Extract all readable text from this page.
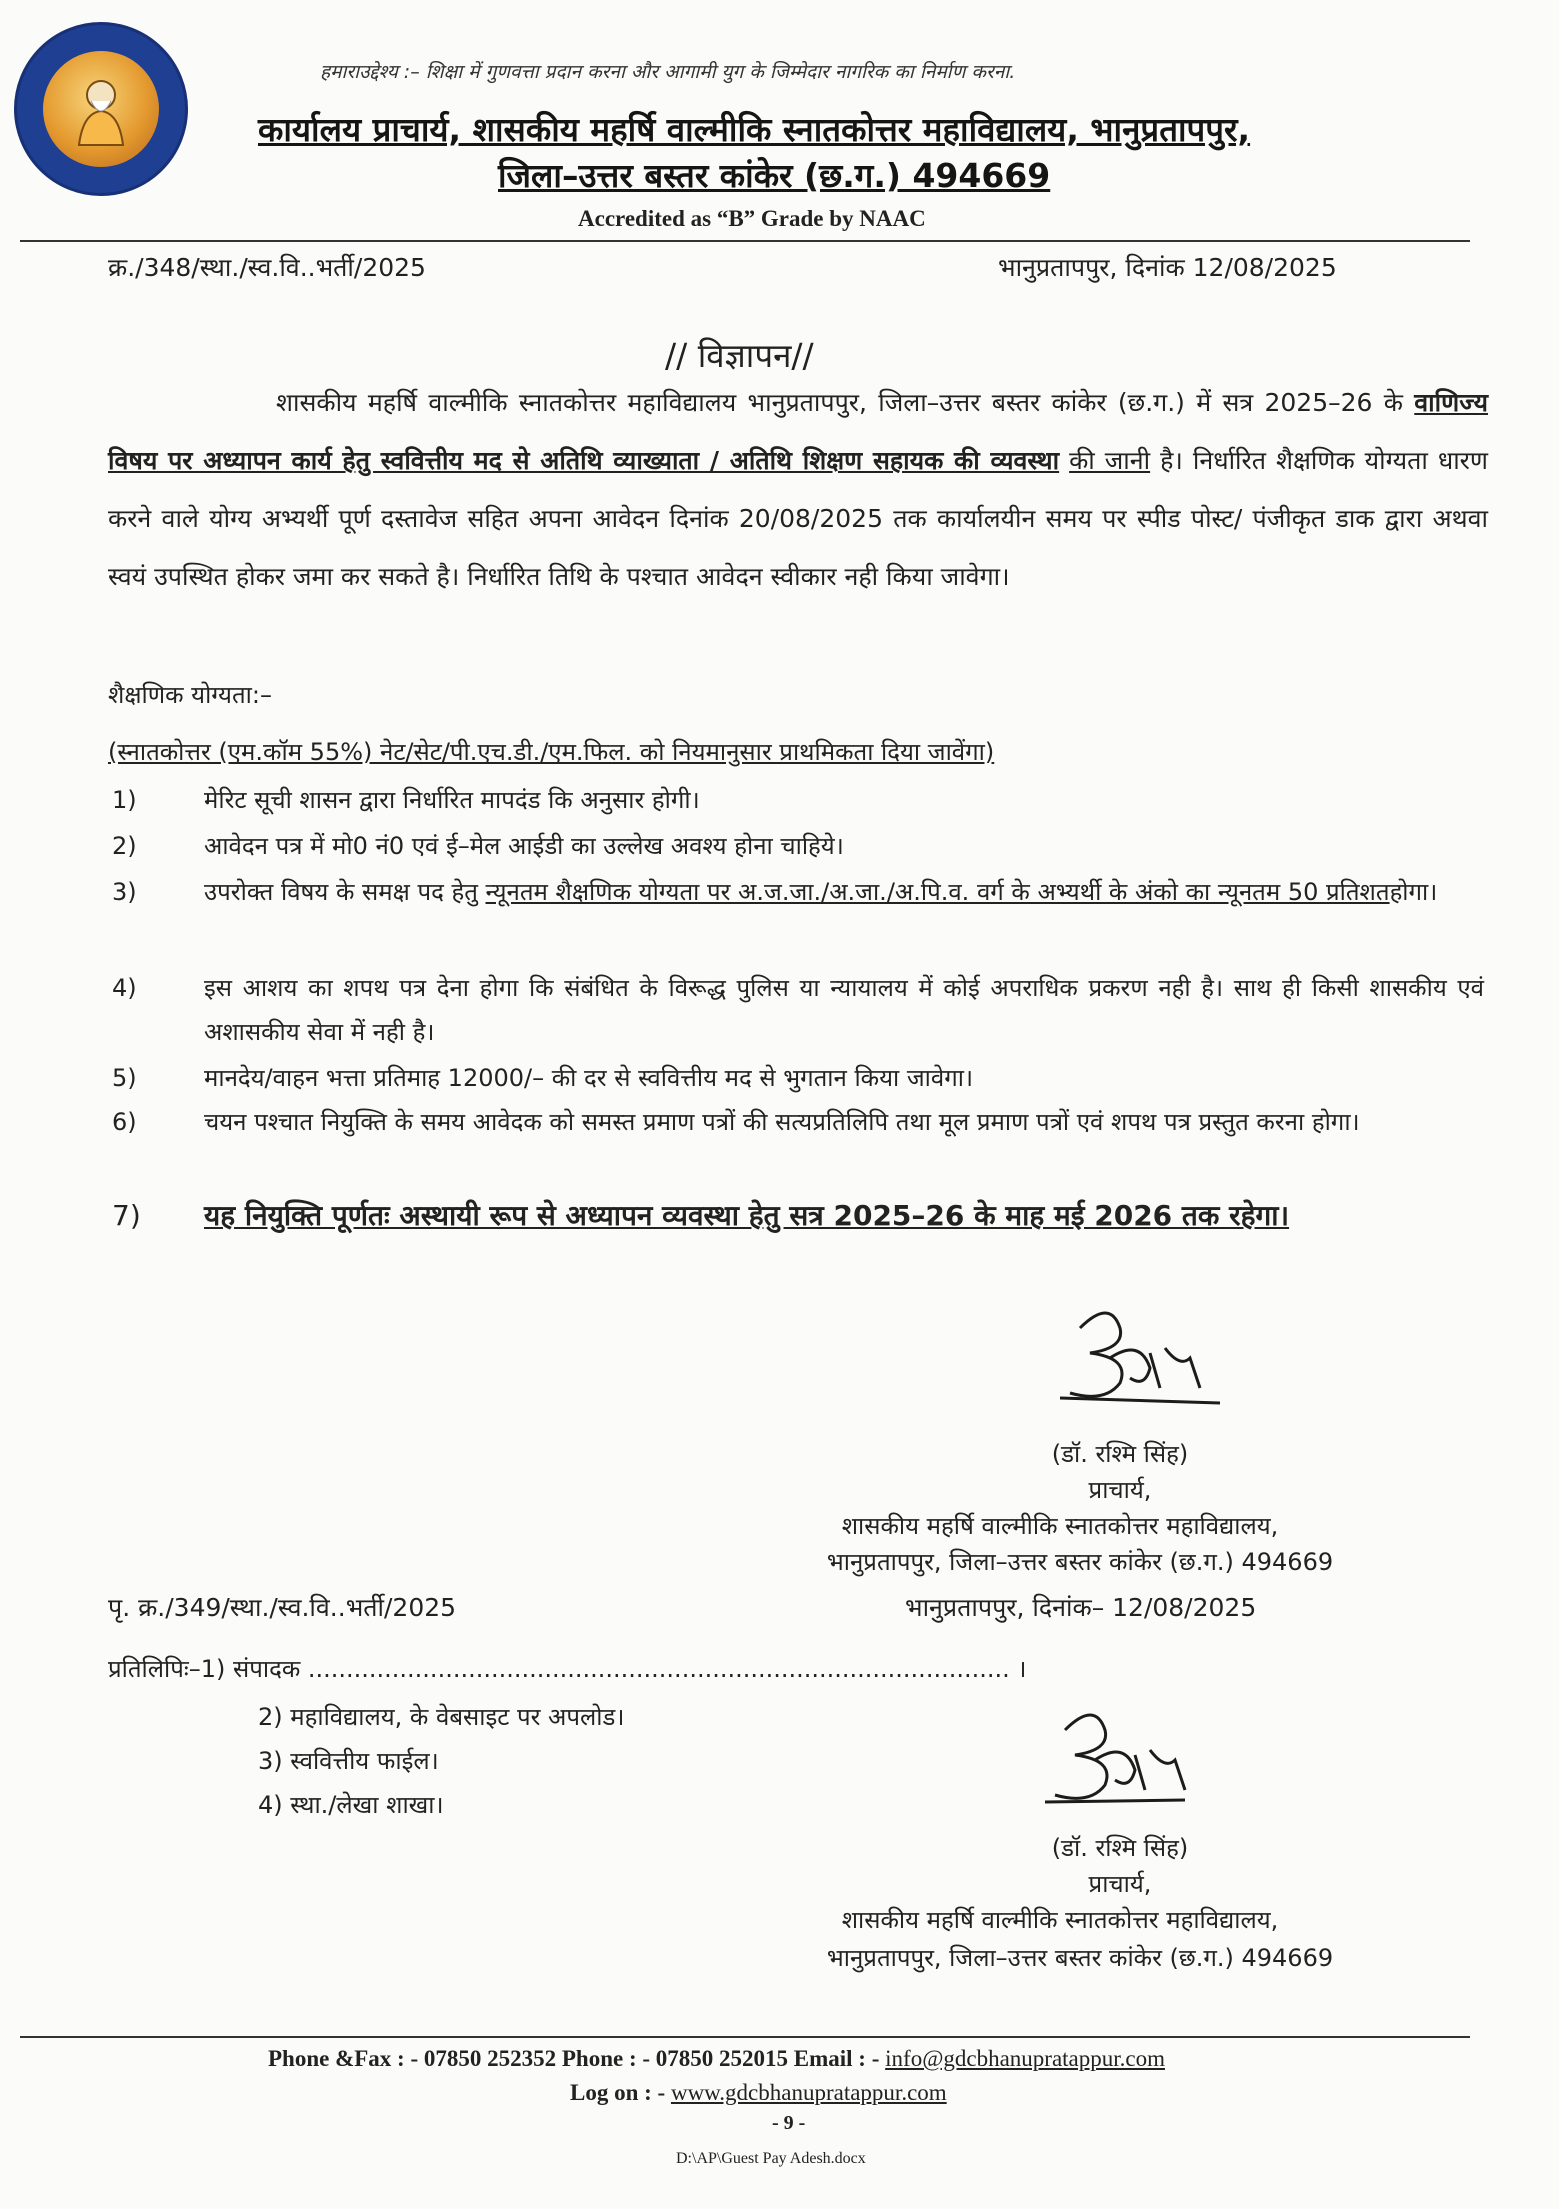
हमाराउद्देश्य :– शिक्षा में गुणवत्ता प्रदान करना और आगामी युग के जिम्मेदार नागरिक का निर्माण करना.
कार्यालय प्राचार्य, शासकीय महर्षि वाल्मीकि स्नातकोत्तर महाविद्यालय, भानुप्रतापपुर,
जिला–उत्तर बस्तर कांकेर (छ.ग.) 494669
Accredited as “B” Grade by NAAC
क्र./348/स्था./स्व.वि..भर्ती/2025	भानुप्रतापपुर, दिनांक 12/08/2025
// विज्ञापन//
शासकीय महर्षि वाल्मीकि स्नातकोत्तर महाविद्यालय भानुप्रतापपुर, जिला–उत्तर बस्तर कांकेर (छ.ग.) में सत्र 2025–26 के वाणिज्य विषय पर अध्यापन कार्य हेतु स्ववित्तीय मद से अतिथि व्याख्याता / अतिथि शिक्षण सहायक की व्यवस्था की जानी है। निर्धारित शैक्षणिक योग्यता धारण करने वाले योग्य अभ्यर्थी पूर्ण दस्तावेज सहित अपना आवेदन दिनांक 20/08/2025 तक कार्यालयीन समय पर स्पीड पोस्ट/ पंजीकृत डाक द्वारा अथवा स्वयं उपस्थित होकर जमा कर सकते है। निर्धारित तिथि के पश्चात आवेदन स्वीकार नही किया जावेगा।
शैक्षणिक योग्यता:–
(स्नातकोत्तर (एम.कॉम 55%) नेट/सेट/पी.एच.डी./एम.फिल. को नियमानुसार प्राथमिकता दिया जावेंगा)
1)	मेरिट सूची शासन द्वारा निर्धारित मापदंड कि अनुसार होगी।
2)	आवेदन पत्र में मो0 नं0 एवं ई–मेल आईडी का उल्लेख अवश्य होना चाहिये।
3)	उपरोक्त विषय के समक्ष पद हेतु न्यूनतम शैक्षणिक योग्यता पर अ.ज.जा./अ.जा./अ.पि.व. वर्ग के अभ्यर्थी के अंको का न्यूनतम 50 प्रतिशतहोगा।
4)	इस आशय का शपथ पत्र देना होगा कि संबंधित के विरूद्ध पुलिस या न्यायालय में कोई अपराधिक प्रकरण नही है। साथ ही किसी शासकीय एवं अशासकीय सेवा में नही है।
5)	मानदेय/वाहन भत्ता प्रतिमाह 12000/– की दर से स्ववित्तीय मद से भुगतान किया जावेगा।
6)	चयन पश्चात नियुक्ति के समय आवेदक को समस्त प्रमाण पत्रों की सत्यप्रतिलिपि तथा मूल प्रमाण पत्रों एवं शपथ पत्र प्रस्तुत करना होगा।
7) यह नियुक्ति पूर्णतः अस्थायी रूप से अध्यापन व्यवस्था हेतु सत्र 2025–26 के माह मई 2026 तक रहेगा।
(डॉ. रश्मि सिंह)
प्राचार्य,
शासकीय महर्षि वाल्मीकि स्नातकोत्तर महाविद्यालय,
भानुप्रतापपुर, जिला–उत्तर बस्तर कांकेर (छ.ग.) 494669
पृ. क्र./349/स्था./स्व.वि..भर्ती/2025	भानुप्रतापपुर, दिनांक– 12/08/2025
प्रतिलिपिः–1) संपादक ............................................................................................ ।
2) महाविद्यालय, के वेबसाइट पर अपलोड।
3) स्ववित्तीय फाईल।
4) स्था./लेखा शाखा।
(डॉ. रश्मि सिंह)
प्राचार्य,
शासकीय महर्षि वाल्मीकि स्नातकोत्तर महाविद्यालय,
भानुप्रतापपुर, जिला–उत्तर बस्तर कांकेर (छ.ग.) 494669
Phone &Fax : - 07850 252352 Phone : - 07850 252015 Email : - info@gdcbhanupratappur.com
Log on : - www.gdcbhanupratappur.com
- 9 -
D:\AP\Guest Pay Adesh.docx
